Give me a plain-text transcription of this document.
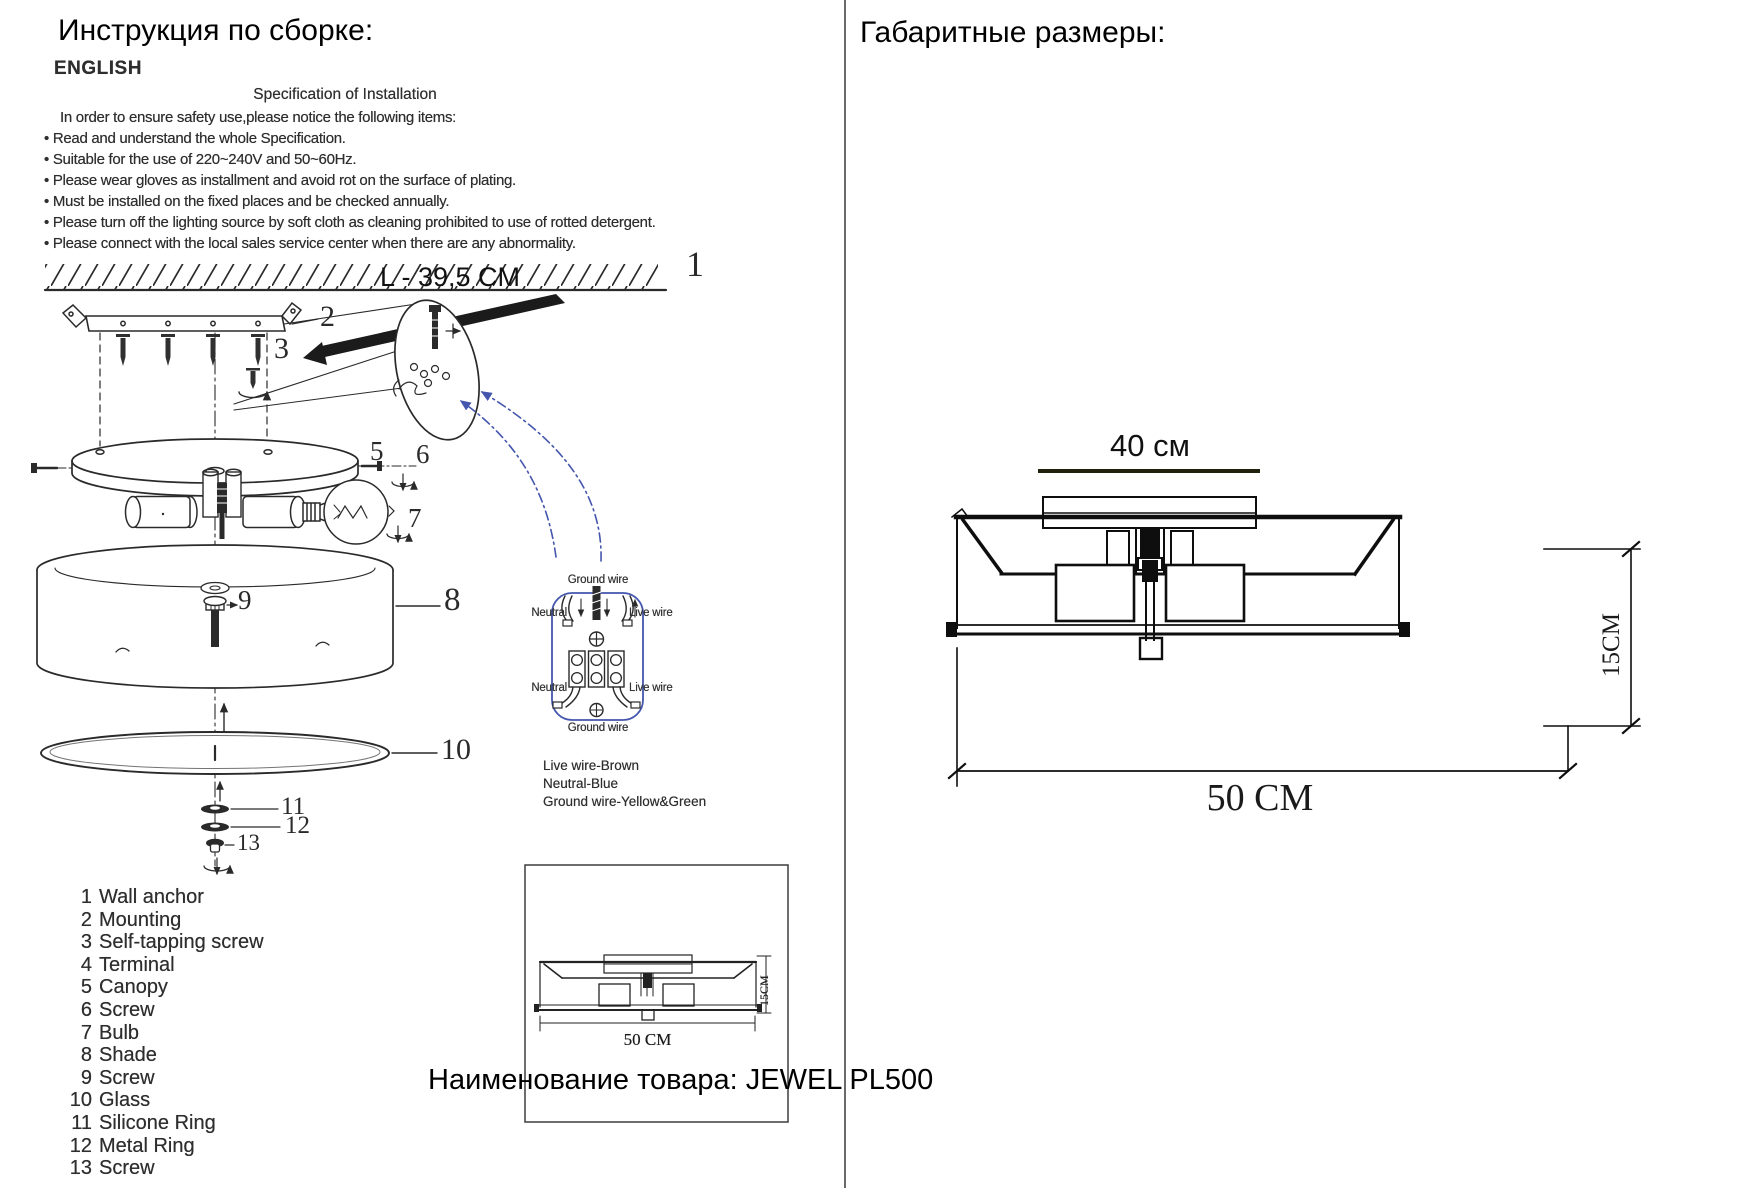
Инструкция по сборке:	Габаритные размеры:
ENGLISH
Specification of Installation
In order to ensure safety use,please notice the following items:
• Read and understand the whole Specification.
• Suitable for the use of 220~240V and 50~60Hz.
• Please wear gloves as installment and avoid rot on the surface of plating.
• Must be installed on the fixed places and be checked annually.
• Please turn off the lighting source by soft cloth as cleaning prohibited to use of rotted detergent.
• Please connect with the local sales service center when there are any abnormality.
L - 39,5 CM	1
2
3
5 6
7
8
9
10
11
12
13
Ground wire
Neutral	Live wire
Neutral	Live wire
Ground wire
Live wire-Brown
Neutral-Blue
Ground wire-Yellow&Green
1 Wall anchor
2 Mounting
3 Self-tapping screw
4 Terminal
5 Canopy
6 Screw
7 Bulb
8 Shade
9 Screw
10 Glass
11 Silicone Ring
12 Metal Ring
13 Screw
15CM
50 CM
40 см
15CM
50 CM
Наименование товара: JEWEL PL500
